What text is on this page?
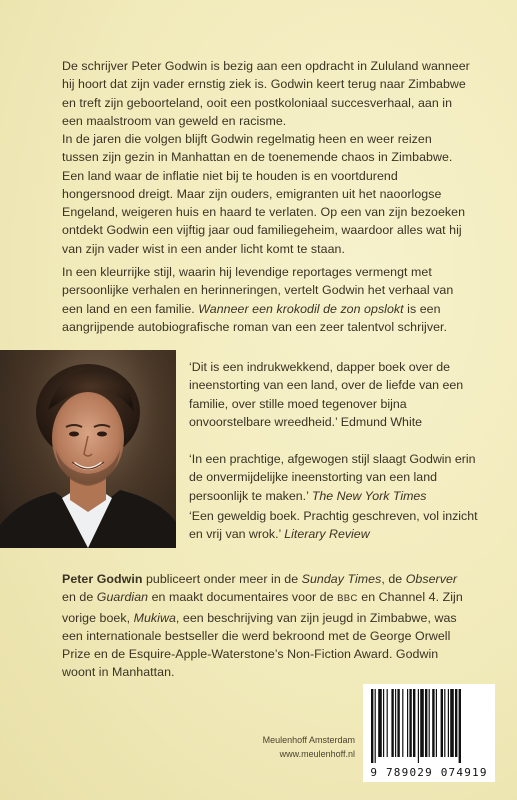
De schrijver Peter Godwin is bezig aan een opdracht in Zululand wanneer hij hoort dat zijn vader ernstig ziek is. Godwin keert terug naar Zimbabwe en treft zijn geboorteland, ooit een postkoloniaal succesverhaal, aan in een maalstroom van geweld en racisme.

In de jaren die volgen blijft Godwin regelmatig heen en weer reizen tussen zijn gezin in Manhattan en de toenemende chaos in Zimbabwe. Een land waar de inflatie niet bij te houden is en voortdurend hongersnood dreigt. Maar zijn ouders, emigranten uit het naoorlogse Engeland, weigeren huis en haard te verlaten. Op een van zijn bezoeken ontdekt Godwin een vijftig jaar oud familiegeheim, waardoor alles wat hij van zijn vader wist in een ander licht komt te staan.

In een kleurrijke stijl, waarin hij levendige reportages vermengt met persoonlijke verhalen en herinneringen, vertelt Godwin het verhaal van een land en een familie. Wanneer een krokodil de zon opslokt is een aangrijpende autobiografische roman van een zeer talentvol schrijver.

‘Dit is een indrukwekkend, dapper boek over de ineenstorting van een land, over de liefde van een familie, over stille moed tegenover bijna onvoorstelbare wreedheid.’ Edmund White

‘In een prachtige, afgewogen stijl slaagt Godwin erin de onvermijdelijke ineenstorting van een land persoonlijk te maken.’ The New York Times

‘Een geweldig boek. Prachtig geschreven, vol inzicht en vrij van wrok.’ Literary Review

Peter Godwin publiceert onder meer in de Sunday Times, de Observer en de Guardian en maakt documentaires voor de BBC en Channel 4. Zijn vorige boek, Mukiwa, een beschrijving van zijn jeugd in Zimbabwe, was een internationale bestseller die werd bekroond met de George Orwell Prize en de Esquire-Apple-Waterstone’s Non-Fiction Award. Godwin woont in Manhattan.

Meulenhoff Amsterdam
www.meulenhoff.nl
9 789029 074919
